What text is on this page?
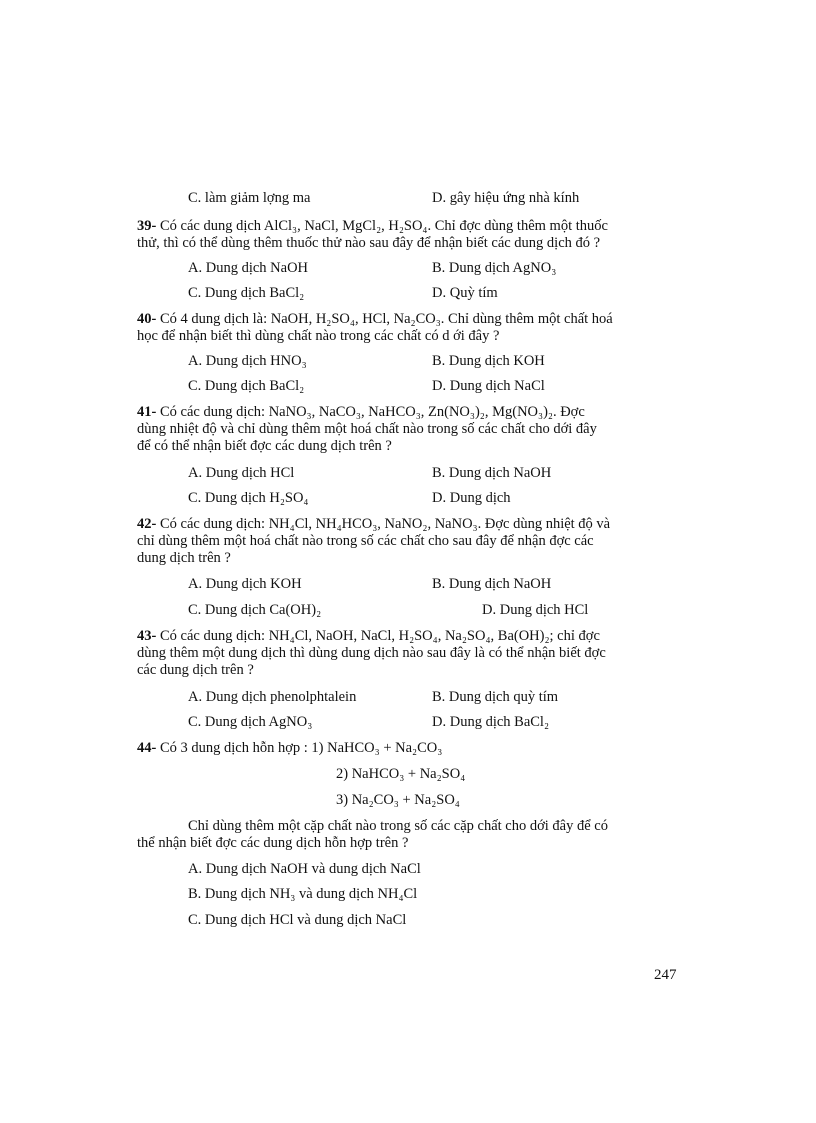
C. làm giảm lợng ma	D. gây hiệu ứng nhà kính
39- Có các dung dịch AlCl₃, NaCl, MgCl₂, H₂SO₄. Chỉ đợc dùng thêm một thuốc
thử, thì có thể dùng thêm thuốc thử nào sau đây để nhận biết các dung dịch đó ?
A. Dung dịch NaOH	B. Dung dịch AgNO₃
C. Dung dịch BaCl₂	D. Quỳ tím
40- Có 4 dung dịch là: NaOH, H₂SO₄, HCl, Na₂CO₃. Chỉ dùng thêm một chất hoá
học để nhận biết thì dùng chất nào trong các chất có d ới đây ?
A. Dung dịch HNO₃	B. Dung dịch KOH
C. Dung dịch BaCl₂	D. Dung dịch NaCl
41- Có các dung dịch: NaNO₃, NaCO₃, NaHCO₃, Zn(NO₃)₂, Mg(NO₃)₂. Đợc
dùng nhiệt độ và chỉ dùng thêm một hoá chất nào trong số các chất cho dới đây
để có thể nhận biết đợc các dung dịch trên ?
A. Dung dịch HCl	B. Dung dịch NaOH
C. Dung dịch H₂SO₄	D. Dung dịch
42- Có các dung dịch: NH₄Cl, NH₄HCO₃, NaNO₂, NaNO₃. Đợc dùng nhiệt độ và
chỉ dùng thêm một hoá chất nào trong số các chất cho sau đây để nhận đợc các
dung dịch trên ?
A. Dung dịch KOH	B. Dung dịch NaOH
C. Dung dịch Ca(OH)₂	D. Dung dịch HCl
43- Có các dung dịch: NH₄Cl, NaOH, NaCl, H₂SO₄, Na₂SO₄, Ba(OH)₂; chỉ đợc
dùng thêm một dung dịch thì dùng dung dịch nào sau đây là có thể nhận biết đợc
các dung dịch trên ?
A. Dung dịch phenolphtalein	B. Dung dịch quỳ tím
C. Dung dịch AgNO₃	D. Dung dịch BaCl₂
44- Có 3 dung dịch hỗn hợp : 1) NaHCO₃ + Na₂CO₃
2) NaHCO₃ + Na₂SO₄
3) Na₂CO₃ + Na₂SO₄
Chỉ dùng thêm một cặp chất nào trong số các cặp chất cho dới đây để có
thể nhận biết đợc các dung dịch hỗn hợp trên ?
A. Dung dịch NaOH và dung dịch NaCl
B. Dung dịch NH₃ và dung dịch NH₄Cl
C. Dung dịch HCl và dung dịch NaCl
247
